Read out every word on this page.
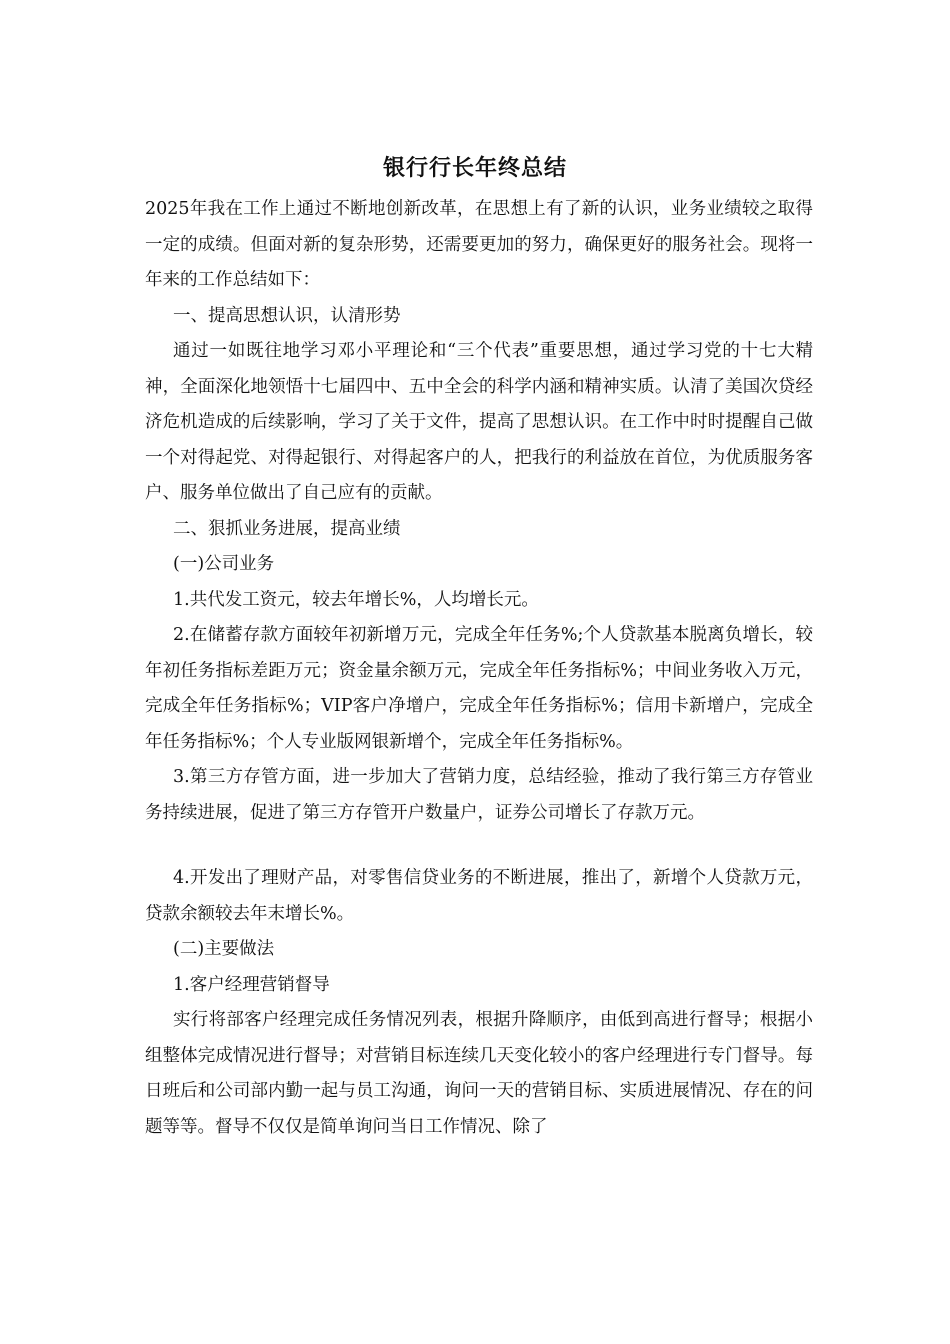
银行行长年终总结

2025年我在工作上通过不断地创新改革，在思想上有了新的认识，业务业绩较之取得一定的成绩。但面对新的复杂形势，还需要更加的努力，确保更好的服务社会。现将一年来的工作总结如下：

一、提高思想认识，认清形势

通过一如既往地学习邓小平理论和“三个代表”重要思想，通过学习党的十七大精神，全面深化地领悟十七届四中、五中全会的科学内涵和精神实质。认清了美国次贷经济危机造成的后续影响，学习了关于文件，提高了思想认识。在工作中时时提醒自己做一个对得起党、对得起银行、对得起客户的人，把我行的利益放在首位，为优质服务客户、服务单位做出了自己应有的贡献。

二、狠抓业务进展，提高业绩

(一)公司业务

1.共代发工资元，较去年增长%，人均增长元。

2.在储蓄存款方面较年初新增万元，完成全年任务%;个人贷款基本脱离负增长，较年初任务指标差距万元；资金量余额万元，完成全年任务指标%；中间业务收入万元，完成全年任务指标%；VIP客户净增户，完成全年任务指标%；信用卡新增户，完成全年任务指标%；个人专业版网银新增个，完成全年任务指标%。

3.第三方存管方面，进一步加大了营销力度，总结经验，推动了我行第三方存管业务持续进展，促进了第三方存管开户数量户，证券公司增长了存款万元。

4.开发出了理财产品，对零售信贷业务的不断进展，推出了，新增个人贷款万元，贷款余额较去年末增长%。

(二)主要做法

1.客户经理营销督导

实行将部客户经理完成任务情况列表，根据升降顺序，由低到高进行督导；根据小组整体完成情况进行督导；对营销目标连续几天变化较小的客户经理进行专门督导。每日班后和公司部内勤一起与员工沟通，询问一天的营销目标、实质进展情况、存在的问题等等。督导不仅仅是简单询问当日工作情况、除了
